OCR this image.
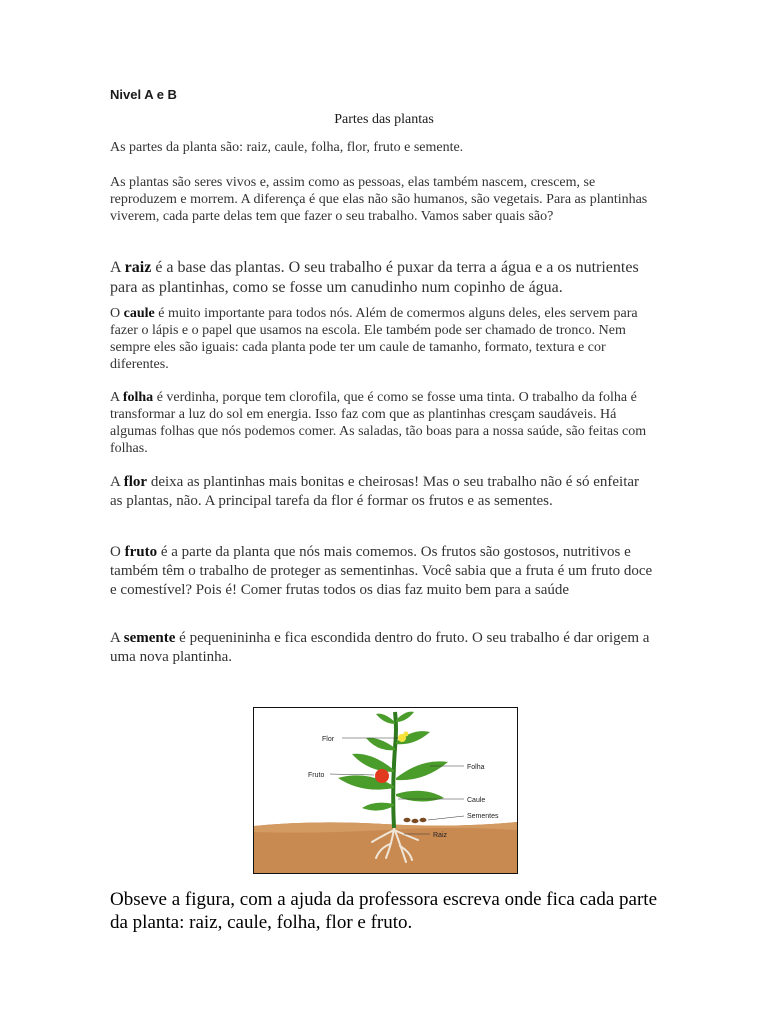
Nivel A e B
Partes das plantas

As partes da planta são: raiz, caule, folha, flor, fruto e semente.

As plantas são seres vivos e, assim como as pessoas, elas também nascem, crescem, se reproduzem e morrem. A diferença é que elas não são humanos, são vegetais. Para as plantinhas viverem, cada parte delas tem que fazer o seu trabalho. Vamos saber quais são?

A raiz é a base das plantas. O seu trabalho é puxar da terra a água e a os nutrientes para as plantinhas, como se fosse um canudinho num copinho de água.

O caule é muito importante para todos nós. Além de comermos alguns deles, eles servem para fazer o lápis e o papel que usamos na escola. Ele também pode ser chamado de tronco. Nem sempre eles são iguais: cada planta pode ter um caule de tamanho, formato, textura e cor diferentes.

A folha é verdinha, porque tem clorofila, que é como se fosse uma tinta. O trabalho da folha é transformar a luz do sol em energia. Isso faz com que as plantinhas cresçam saudáveis. Há algumas folhas que nós podemos comer. As saladas, tão boas para a nossa saúde, são feitas com folhas.

A flor deixa as plantinhas mais bonitas e cheirosas! Mas o seu trabalho não é só enfeitar as plantas, não. A principal tarefa da flor é formar os frutos e as sementes.

O fruto é a parte da planta que nós mais comemos. Os frutos são gostosos, nutritivos e também têm o trabalho de proteger as sementinhas. Você sabia que a fruta é um fruto doce e comestível? Pois é! Comer frutas todos os dias faz muito bem para a saúde

A semente é pequenininha e fica escondida dentro do fruto. O seu trabalho é dar origem a uma nova plantinha.

Flor
Fruto
Folha
Caule
Sementes
Raiz

Obseve a figura, com a ajuda da professora escreva onde fica cada parte da planta: raiz, caule, folha, flor e fruto.
